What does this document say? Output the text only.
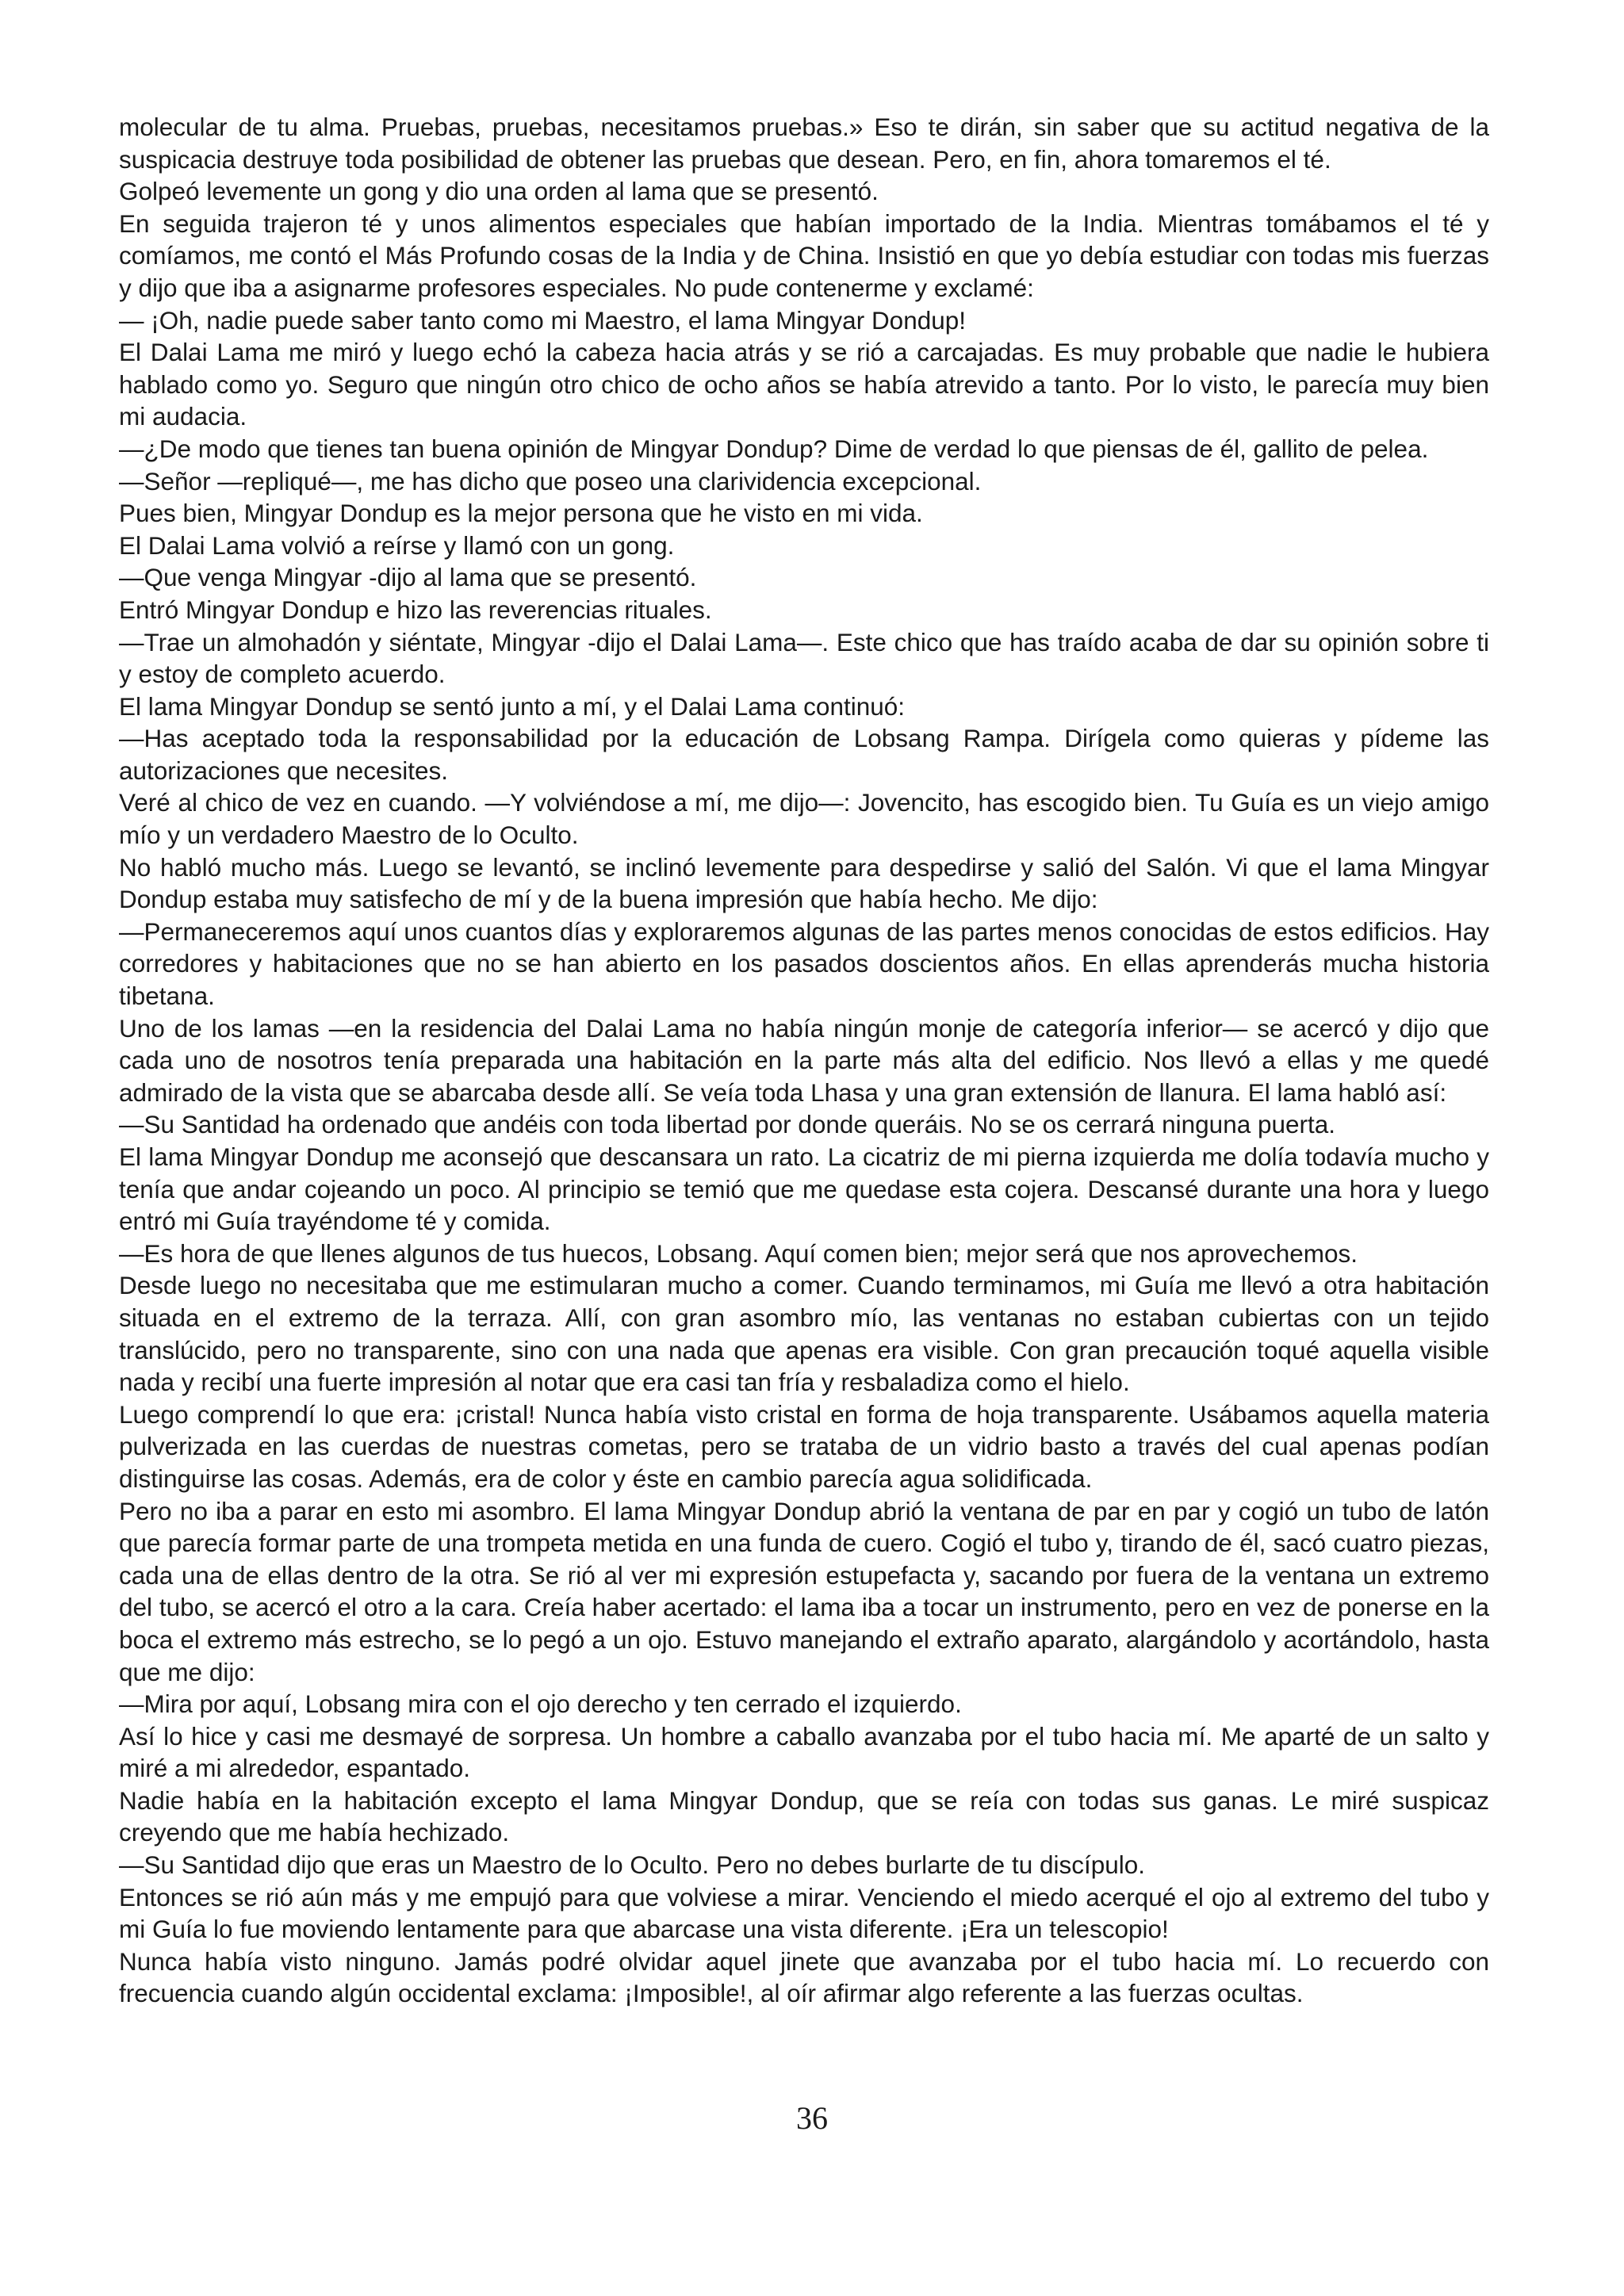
molecular de tu alma. Pruebas, pruebas, necesitamos pruebas.» Eso te dirán, sin saber que su actitud negativa de la suspicacia destruye toda posibilidad de obtener las pruebas que desean. Pero, en fin, ahora tomaremos el té.

Golpeó levemente un gong y dio una orden al lama que se presentó.

En seguida trajeron té y unos alimentos especiales que habían importado de la India. Mientras tomábamos el té y comíamos, me contó el Más Profundo cosas de la India y de China. Insistió en que yo debía estudiar con todas mis fuerzas y dijo que iba a asignarme profesores especiales. No pude contenerme y exclamé:

— ¡Oh, nadie puede saber tanto como mi Maestro, el lama Mingyar Dondup!

El Dalai Lama me miró y luego echó la cabeza hacia atrás y se rió a carcajadas. Es muy probable que nadie le hubiera hablado como yo. Seguro que ningún otro chico de ocho años se había atrevido a tanto. Por lo visto, le parecía muy bien mi audacia.

—¿De modo que tienes tan buena opinión de Mingyar Dondup? Dime de verdad lo que piensas de él, gallito de pelea.

—Señor —repliqué—, me has dicho que poseo una clarividencia excepcional.

Pues bien, Mingyar Dondup es la mejor persona que he visto en mi vida.

El Dalai Lama volvió a reírse y llamó con un gong.

—Que venga Mingyar -dijo al lama que se presentó.

Entró Mingyar Dondup e hizo las reverencias rituales.

—Trae un almohadón y siéntate, Mingyar -dijo el Dalai Lama—. Este chico que has traído acaba de dar su opinión sobre ti y estoy de completo acuerdo.

El lama Mingyar Dondup se sentó junto a mí, y el Dalai Lama continuó:

—Has aceptado toda la responsabilidad por la educación de Lobsang Rampa. Dirígela como quieras y pídeme las autorizaciones que necesites.

Veré al chico de vez en cuando. —Y volviéndose a mí, me dijo—: Jovencito, has escogido bien. Tu Guía es un viejo amigo mío y un verdadero Maestro de lo Oculto.

No habló mucho más. Luego se levantó, se inclinó levemente para despedirse y salió del Salón. Vi que el lama Mingyar Dondup estaba muy satisfecho de mí y de la buena impresión que había hecho. Me dijo:

—Permaneceremos aquí unos cuantos días y exploraremos algunas de las partes menos conocidas de estos edificios. Hay corredores y habitaciones que no se han abierto en los pasados doscientos años. En ellas aprenderás mucha historia tibetana.

Uno de los lamas —en la residencia del Dalai Lama no había ningún monje de categoría inferior— se acercó y dijo que cada uno de nosotros tenía preparada una habitación en la parte más alta del edificio. Nos llevó a ellas y me quedé admirado de la vista que se abarcaba desde allí. Se veía toda Lhasa y una gran extensión de llanura. El lama habló así:

—Su Santidad ha ordenado que andéis con toda libertad por donde queráis. No se os cerrará ninguna puerta.

El lama Mingyar Dondup me aconsejó que descansara un rato. La cicatriz de mi pierna izquierda me dolía todavía mucho y tenía que andar cojeando un poco. Al principio se temió que me quedase esta cojera. Descansé durante una hora y luego entró mi Guía trayéndome té y comida.

—Es hora de que llenes algunos de tus huecos, Lobsang. Aquí comen bien; mejor será que nos aprovechemos.

Desde luego no necesitaba que me estimularan mucho a comer. Cuando terminamos, mi Guía me llevó a otra habitación situada en el extremo de la terraza. Allí, con gran asombro mío, las ventanas no estaban cubiertas con un tejido translúcido, pero no transparente, sino con una nada que apenas era visible. Con gran precaución toqué aquella visible nada y recibí una fuerte impresión al notar que era casi tan fría y resbaladiza como el hielo.

Luego comprendí lo que era: ¡cristal! Nunca había visto cristal en forma de hoja transparente. Usábamos aquella materia pulverizada en las cuerdas de nuestras cometas, pero se trataba de un vidrio basto a través del cual apenas podían distinguirse las cosas. Además, era de color y éste en cambio parecía agua solidificada.

Pero no iba a parar en esto mi asombro. El lama Mingyar Dondup abrió la ventana de par en par y cogió un tubo de latón que parecía formar parte de una trompeta metida en una funda de cuero. Cogió el tubo y, tirando de él, sacó cuatro piezas, cada una de ellas dentro de la otra. Se rió al ver mi expresión estupefacta y, sacando por fuera de la ventana un extremo del tubo, se acercó el otro a la cara. Creía haber acertado: el lama iba a tocar un instrumento, pero en vez de ponerse en la boca el extremo más estrecho, se lo pegó a un ojo. Estuvo manejando el extraño aparato, alargándolo y acortándolo, hasta que me dijo:

—Mira por aquí, Lobsang mira con el ojo derecho y ten cerrado el izquierdo.

Así lo hice y casi me desmayé de sorpresa. Un hombre a caballo avanzaba por el tubo hacia mí. Me aparté de un salto y miré a mi alrededor, espantado.

Nadie había en la habitación excepto el lama Mingyar Dondup, que se reía con todas sus ganas. Le miré suspicaz creyendo que me había hechizado.

—Su Santidad dijo que eras un Maestro de lo Oculto. Pero no debes burlarte de tu discípulo.

Entonces se rió aún más y me empujó para que volviese a mirar. Venciendo el miedo acerqué el ojo al extremo del tubo y mi Guía lo fue moviendo lentamente para que abarcase una vista diferente. ¡Era un telescopio!

Nunca había visto ninguno. Jamás podré olvidar aquel jinete que avanzaba por el tubo hacia mí. Lo recuerdo con frecuencia cuando algún occidental exclama: ¡Imposible!, al oír afirmar algo referente a las fuerzas ocultas.

36
